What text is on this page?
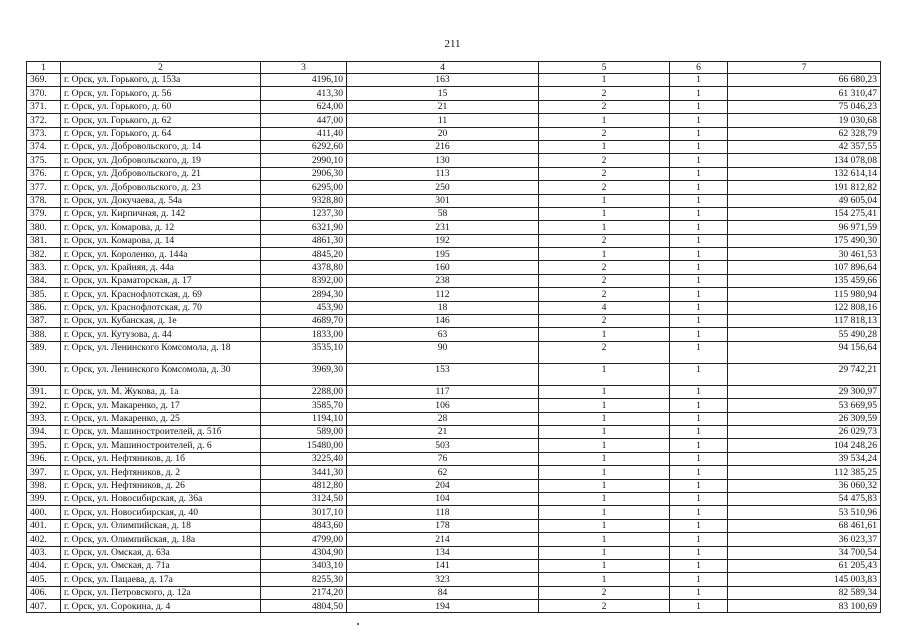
211
1	2	3	4	5	6	7
369.	г. Орск, ул. Горького, д. 153а	4196,10	163	1	1	66 680,23
370.	г. Орск, ул. Горького, д. 56	413,30	15	2	1	61 310,47
371.	г. Орск, ул. Горького, д. 60	624,00	21	2	1	75 046,23
372.	г. Орск, ул. Горького, д. 62	447,00	11	1	1	19 030,68
373.	г. Орск, ул. Горького, д. 64	411,40	20	2	1	62 328,79
374.	г. Орск, ул. Добровольского, д. 14	6292,60	216	1	1	42 357,55
375.	г. Орск, ул. Добровольского, д. 19	2990,10	130	2	1	134 078,08
376.	г. Орск, ул. Добровольского, д. 21	2906,30	113	2	1	132 614,14
377.	г. Орск, ул. Добровольского, д. 23	6295,00	250	2	1	191 812,82
378.	г. Орск, ул. Докучаева, д. 54а	9328,80	301	1	1	49 605,04
379.	г. Орск, ул. Кирпичная, д. 142	1237,30	58	1	1	154 275,41
380.	г. Орск, ул. Комарова, д. 12	6321,90	231	1	1	96 971,59
381.	г. Орск, ул. Комарова, д. 14	4861,30	192	2	1	175 490,30
382.	г. Орск, ул. Короленко, д. 144а	4845,20	195	1	1	30 461,53
383.	г. Орск, ул. Крайняя, д. 44а	4378,80	160	2	1	107 896,64
384.	г. Орск, ул. Краматорская, д. 17	8392,00	238	2	1	135 459,66
385.	г. Орск, ул. Краснофлотская, д. 69	2894,30	112	2	1	115 980,94
386.	г. Орск, ул. Краснофлотская, д. 70	453,90	18	4	1	122 808,16
387.	г. Орск, ул. Кубанская, д. 1е	4689,70	146	2	1	117 818,13
388.	г. Орск, ул. Кутузова, д. 44	1833,00	63	1	1	55 490,28
389.	г. Орск, ул. Ленинского Комсомола, д. 18	3535,10	90	2	1	94 156,64
390.	г. Орск, ул. Ленинского Комсомола, д. 30	3969,30	153	1	1	29 742,21
391.	г. Орск, ул. М. Жукова, д. 1а	2288,00	117	1	1	29 300,97
392.	г. Орск, ул. Макаренко, д. 17	3585,70	106	1	1	53 669,95
393.	г. Орск, ул. Макаренко, д. 25	1194,10	28	1	1	26 309,59
394.	г. Орск, ул. Машиностроителей, д. 51б	589,00	21	1	1	26 029,73
395.	г. Орск, ул. Машиностроителей, д. 6	15480,00	503	1	1	104 248,26
396.	г. Орск, ул. Нефтяников, д. 1б	3225,40	76	1	1	39 534,24
397.	г. Орск, ул. Нефтяников, д. 2	3441,30	62	1	1	112 385,25
398.	г. Орск, ул. Нефтяников, д. 26	4812,80	204	1	1	36 060,32
399.	г. Орск, ул. Новосибирская, д. 36а	3124,50	104	1	1	54 475,83
400.	г. Орск, ул. Новосибирская, д. 40	3017,10	118	1	1	53 510,96
401.	г. Орск, ул. Олимпийская, д. 18	4843,60	178	1	1	68 461,61
402.	г. Орск, ул. Олимпийская, д. 18а	4799,00	214	1	1	36 023,37
403.	г. Орск, ул. Омская, д. 63а	4304,90	134	1	1	34 700,54
404.	г. Орск, ул. Омская, д. 71а	3403,10	141	1	1	61 205,43
405.	г. Орск, ул. Пацаева, д. 17а	8255,30	323	1	1	145 003,83
406.	г. Орск, ул. Петровского, д. 12а	2174,20	84	2	1	82 589,34
407.	г. Орск, ул. Сорокина, д. 4	4804,50	194	2	1	83 100,69
